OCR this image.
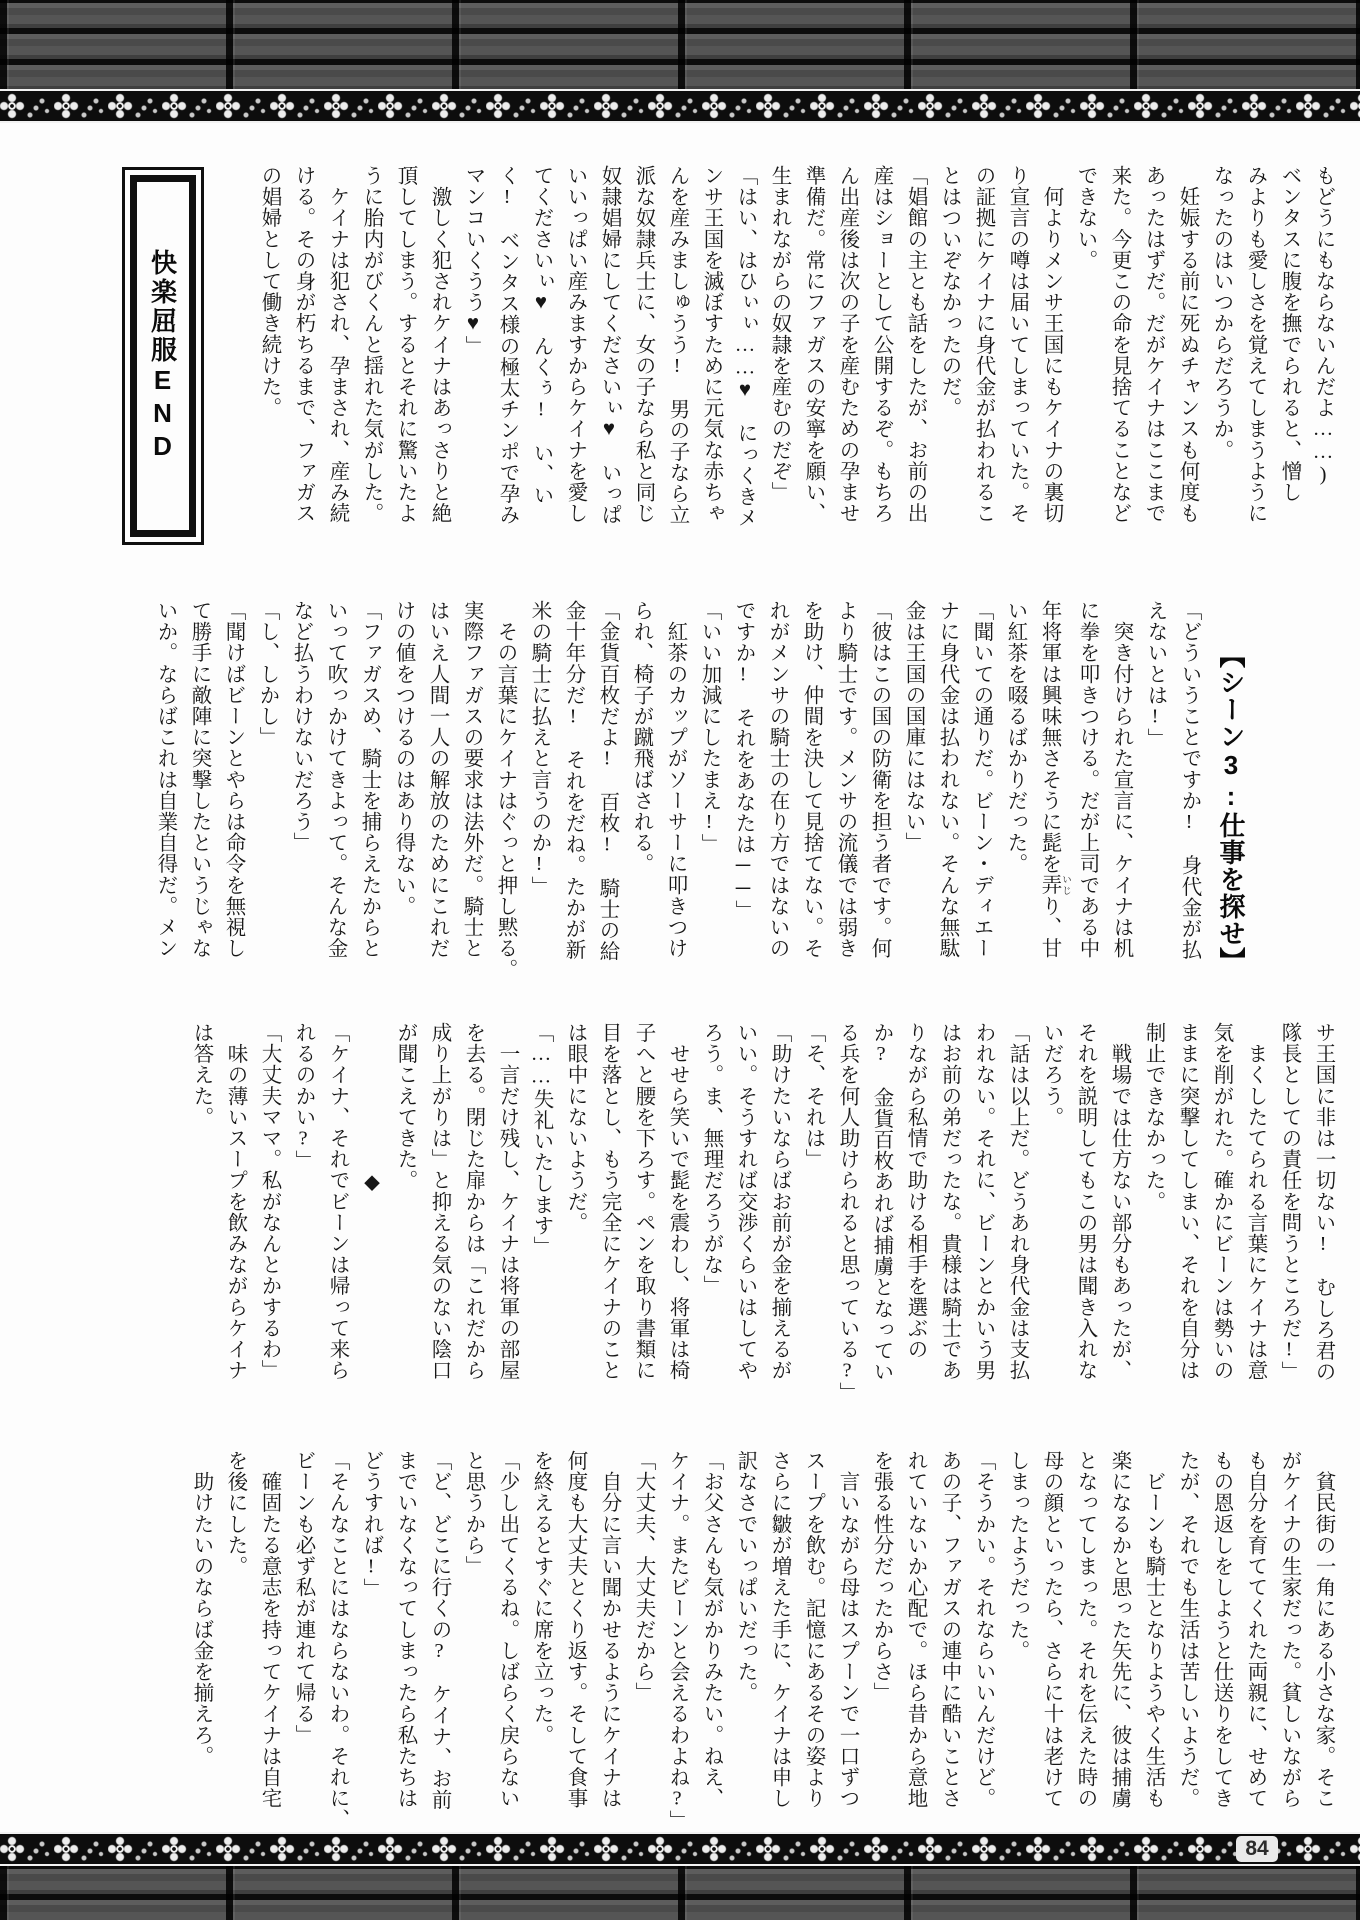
快楽屈服END	もどうにもならないんだよ……)
ベンタスに腹を撫でられると、憎し
みよりも愛しさを覚えてしまうように
なったのはいつからだろうか。
　妊娠する前に死ぬチャンスも何度も
あったはずだ。だがケイナはここまで
来た。今更この命を見捨てることなど
できない。
　何よりメンサ王国にもケイナの裏切
り宣言の噂は届いてしまっていた。そ
の証拠にケイナに身代金が払われるこ
とはついぞなかったのだ。
「娼館の主とも話をしたが、お前の出
産はショーとして公開するぞ。もちろ
ん出産後は次の子を産むための孕ませ
準備だ。常にファガスの安寧を願い、
生まれながらの奴隷を産むのだぞ」
「はい、はひぃぃ……♥　にっくきメ
ンサ王国を滅ぼすために元気な赤ちゃ
んを産みましゅうう!　男の子なら立
派な奴隷兵士に、女の子なら私と同じ
奴隷娼婦にしてくださいぃ♥　いっぱ
いいっぱい産みますからケイナを愛し
てくださいぃ♥　んくぅ!　い、い
く!　ベンタス様の極太チンポで孕み
マンコいくうう♥」
　激しく犯されケイナはあっさりと絶
頂してしまう。するとそれに驚いたよ
うに胎内がびくんと揺れた気がした。
　ケイナは犯され、孕まされ、産み続
ける。その身が朽ちるまで、ファガス
の娼婦として働き続けた。
【シーン3:仕事を探せ】
「どういうことですか!　身代金が払
えないとは!」
　突き付けられた宣言に、ケイナは机
に拳を叩きつける。だが上司である中
年将軍は興味無さそうに髭を弄 いじり、甘
い紅茶を啜るばかりだった。
「聞いての通りだ。ビーン・ディエー
ナに身代金は払われない。そんな無駄
金は王国の国庫にはない」
「彼はこの国の防衛を担う者です。何
より騎士です。メンサの流儀では弱き
を助け、仲間を決して見捨てない。そ
れがメンサの騎士の在り方ではないの
ですか!　それをあなたは──」
「いい加減にしたまえ!」
　紅茶のカップがソーサーに叩きつけ
られ、椅子が蹴飛ばされる。
「金貨百枚だよ!　百枚!　騎士の給
金十年分だ!　それをだね。たかが新
米の騎士に払えと言うのか!」
　その言葉にケイナはぐっと押し黙る。
実際ファガスの要求は法外だ。騎士と
はいえ人間一人の解放のためにこれだ
けの値をつけるのはあり得ない。
「ファガスめ、騎士を捕らえたからと
いって吹っかけてきよって。そんな金
など払うわけないだろう」
「し、しかし」
「聞けばビーンとやらは命令を無視し
て勝手に敵陣に突撃したというじゃな
いか。ならばこれは自業自得だ。メン
サ王国に非は一切ない!　むしろ君の
隊長としての責任を問うところだ!」
　まくしたてられる言葉にケイナは意
気を削がれた。確かにビーンは勢いの
ままに突撃してしまい、それを自分は
制止できなかった。
　戦場では仕方ない部分もあったが、
それを説明してもこの男は聞き入れな
いだろう。
「話は以上だ。どうあれ身代金は支払
われない。それに、ビーンとかいう男
はお前の弟だったな。貴様は騎士であ
りながら私情で助ける相手を選ぶの
か?　金貨百枚あれば捕虜となってい
る兵を何人助けられると思っている?」
「そ、それは」
「助けたいならばお前が金を揃えるが
いい。そうすれば交渉くらいはしてや
ろう。ま、無理だろうがな」
　せせら笑いで髭を震わし、将軍は椅
子へと腰を下ろす。ペンを取り書類に
目を落とし、もう完全にケイナのこと
は眼中にないようだ。
「……失礼いたします」
　一言だけ残し、ケイナは将軍の部屋
を去る。閉じた扉からは「これだから
成り上がりは」と抑える気のない陰口
が聞こえてきた。
　　　　　　　◆
「ケイナ、それでビーンは帰って来ら
れるのかい?」
「大丈夫ママ。私がなんとかするわ」
　味の薄いスープを飲みながらケイナ
は答えた。
　貧民街の一角にある小さな家。そこ
がケイナの生家だった。貧しいながら
も自分を育ててくれた両親に、せめて
もの恩返しをしようと仕送りをしてき
たが、それでも生活は苦しいようだ。
　ビーンも騎士となりようやく生活も
楽になるかと思った矢先に、彼は捕虜
となってしまった。それを伝えた時の
母の顔といったら、さらに十は老けて
しまったようだった。
「そうかい。それならいいんだけど。
あの子、ファガスの連中に酷いことさ
れていないか心配で。ほら昔から意地
を張る性分だったからさ」
　言いながら母はスプーンで一口ずつ
スープを飲む。記憶にあるその姿より
さらに皺が増えた手に、ケイナは申し
訳なさでいっぱいだった。
「お父さんも気がかりみたい。ねえ、
ケイナ。またビーンと会えるわよね?」
「大丈夫、大丈夫だから」
　自分に言い聞かせるようにケイナは
何度も大丈夫とくり返す。そして食事
を終えるとすぐに席を立った。
「少し出てくるね。しばらく戻らない
と思うから」
「ど、どこに行くの?　ケイナ、お前
までいなくなってしまったら私たちは
どうすれば!」
「そんなことにはならないわ。それに、
ビーンも必ず私が連れて帰る」
　確固たる意志を持ってケイナは自宅
を後にした。
　助けたいのならば金を揃えろ。
84
